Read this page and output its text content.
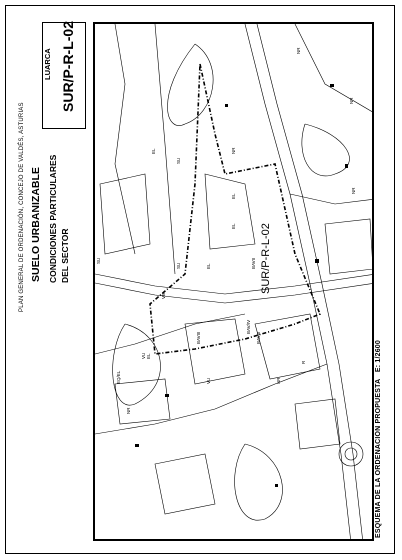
PLAN GENERAL DE ORDENACIÓN, CONCEJO DE VALDÉS, ASTURIAS SUELO URBANIZABLE CONDICIONES PARTICULARES DEL SECTOR
LUARCA SUR/P-R-L-02
ESQUEMA DE LA ORDENACIÓN PROPUESTA   E: 1/2600
NR
NR
NR
NR
NR
NR
EL
EL
EL
EL
EL
SU
SU
SU
VB
VU
VU
BAVII
BAVIII
BAV/IV
BAVIII
EQ/EL
R
SUR/P-R-L-02
